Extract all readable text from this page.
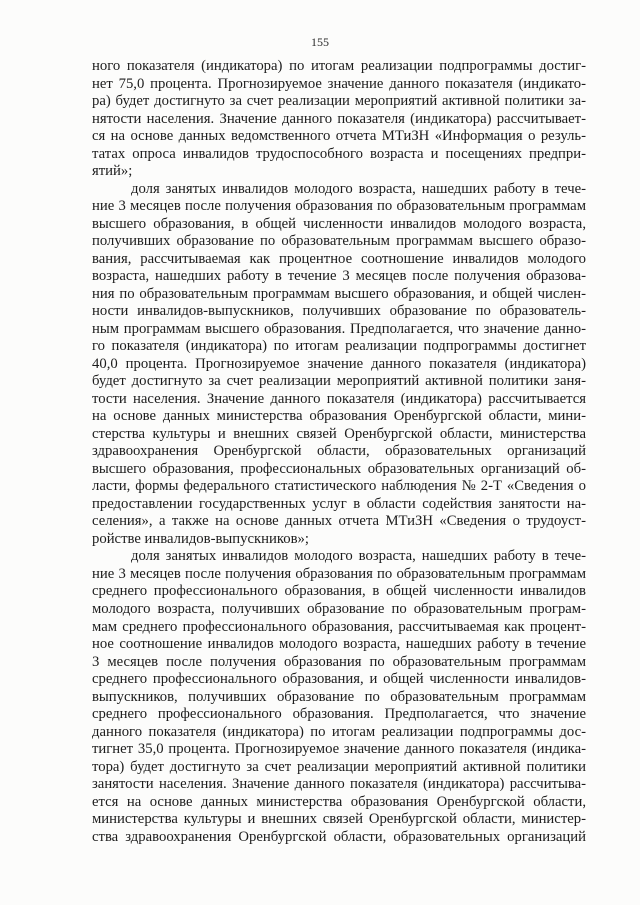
155
ного показателя (индикатора) по итогам реализации подпрограммы достиг-
нет 75,0 процента. Прогнозируемое значение данного показателя (индикато-
ра) будет достигнуто за счет реализации мероприятий активной политики за-
нятости населения. Значение данного показателя (индикатора) рассчитывает-
ся на основе данных ведомственного отчета МТиЗН «Информация о резуль-
татах опроса инвалидов трудоспособного возраста и посещениях предпри-
ятий»;
доля занятых инвалидов молодого возраста, нашедших работу в тече-
ние 3 месяцев после получения образования по образовательным программам
высшего образования, в общей численности инвалидов молодого возраста,
получивших образование по образовательным программам высшего образо-
вания, рассчитываемая как процентное соотношение инвалидов молодого
возраста, нашедших работу в течение 3 месяцев после получения образова-
ния по образовательным программам высшего образования, и общей числен-
ности инвалидов-выпускников, получивших образование по образователь-
ным программам высшего образования. Предполагается, что значение данно-
го показателя (индикатора) по итогам реализации подпрограммы достигнет
40,0 процента. Прогнозируемое значение данного показателя (индикатора)
будет достигнуто за счет реализации мероприятий активной политики заня-
тости населения. Значение данного показателя (индикатора) рассчитывается
на основе данных министерства образования Оренбургской области, мини-
стерства культуры и внешних связей Оренбургской области, министерства
здравоохранения Оренбургской области, образовательных организаций
высшего образования, профессиональных образовательных организаций об-
ласти, формы федерального статистического наблюдения № 2-Т «Сведения о
предоставлении государственных услуг в области содействия занятости на-
селения», а также на основе данных отчета МТиЗН «Сведения о трудоуст-
ройстве инвалидов-выпускников»;
доля занятых инвалидов молодого возраста, нашедших работу в тече-
ние 3 месяцев после получения образования по образовательным программам
среднего профессионального образования, в общей численности инвалидов
молодого возраста, получивших образование по образовательным програм-
мам среднего профессионального образования, рассчитываемая как процент-
ное соотношение инвалидов молодого возраста, нашедших работу в течение
3 месяцев после получения образования по образовательным программам
среднего профессионального образования, и общей численности инвалидов-
выпускников, получивших образование по образовательным программам
среднего профессионального образования. Предполагается, что значение
данного показателя (индикатора) по итогам реализации подпрограммы дос-
тигнет 35,0 процента. Прогнозируемое значение данного показателя (индика-
тора) будет достигнуто за счет реализации мероприятий активной политики
занятости населения. Значение данного показателя (индикатора) рассчитыва-
ется на основе данных министерства образования Оренбургской области,
министерства культуры и внешних связей Оренбургской области, министер-
ства здравоохранения Оренбургской области, образовательных организаций
